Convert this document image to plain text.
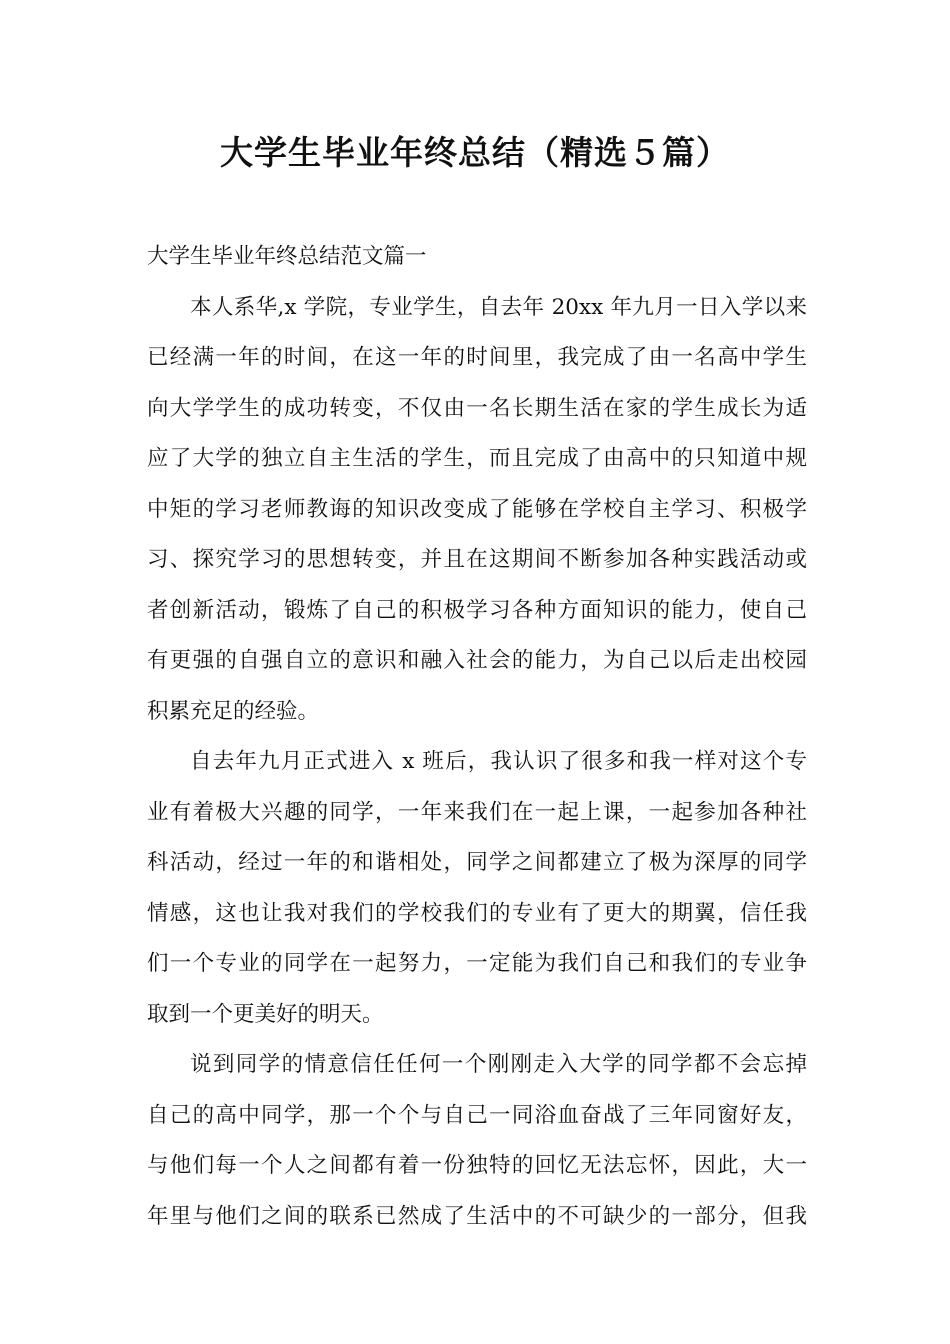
大学生毕业年终总结（精选５篇）
大学生毕业年终总结范文篇一
本人系华,x 学院，专业学生，自去年 20xx 年九月一日入学以来
已经满一年的时间，在这一年的时间里，我完成了由一名高中学生
向大学学生的成功转变，不仅由一名长期生活在家的学生成长为适
应了大学的独立自主生活的学生，而且完成了由高中的只知道中规
中矩的学习老师教诲的知识改变成了能够在学校自主学习、积极学
习、探究学习的思想转变，并且在这期间不断参加各种实践活动或
者创新活动，锻炼了自己的积极学习各种方面知识的能力，使自己
有更强的自强自立的意识和融入社会的能力，为自己以后走出校园
积累充足的经验。
自去年九月正式进入 x 班后，我认识了很多和我一样对这个专
业有着极大兴趣的同学，一年来我们在一起上课，一起参加各种社
科活动，经过一年的和谐相处，同学之间都建立了极为深厚的同学
情感，这也让我对我们的学校我们的专业有了更大的期翼，信任我
们一个专业的同学在一起努力，一定能为我们自己和我们的专业争
取到一个更美好的明天。
说到同学的情意信任任何一个刚刚走入大学的同学都不会忘掉
自己的高中同学，那一个个与自己一同浴血奋战了三年同窗好友，
与他们每一个人之间都有着一份独特的回忆无法忘怀，因此，大一
年里与他们之间的联系已然成了生活中的不可缺少的一部分，但我
